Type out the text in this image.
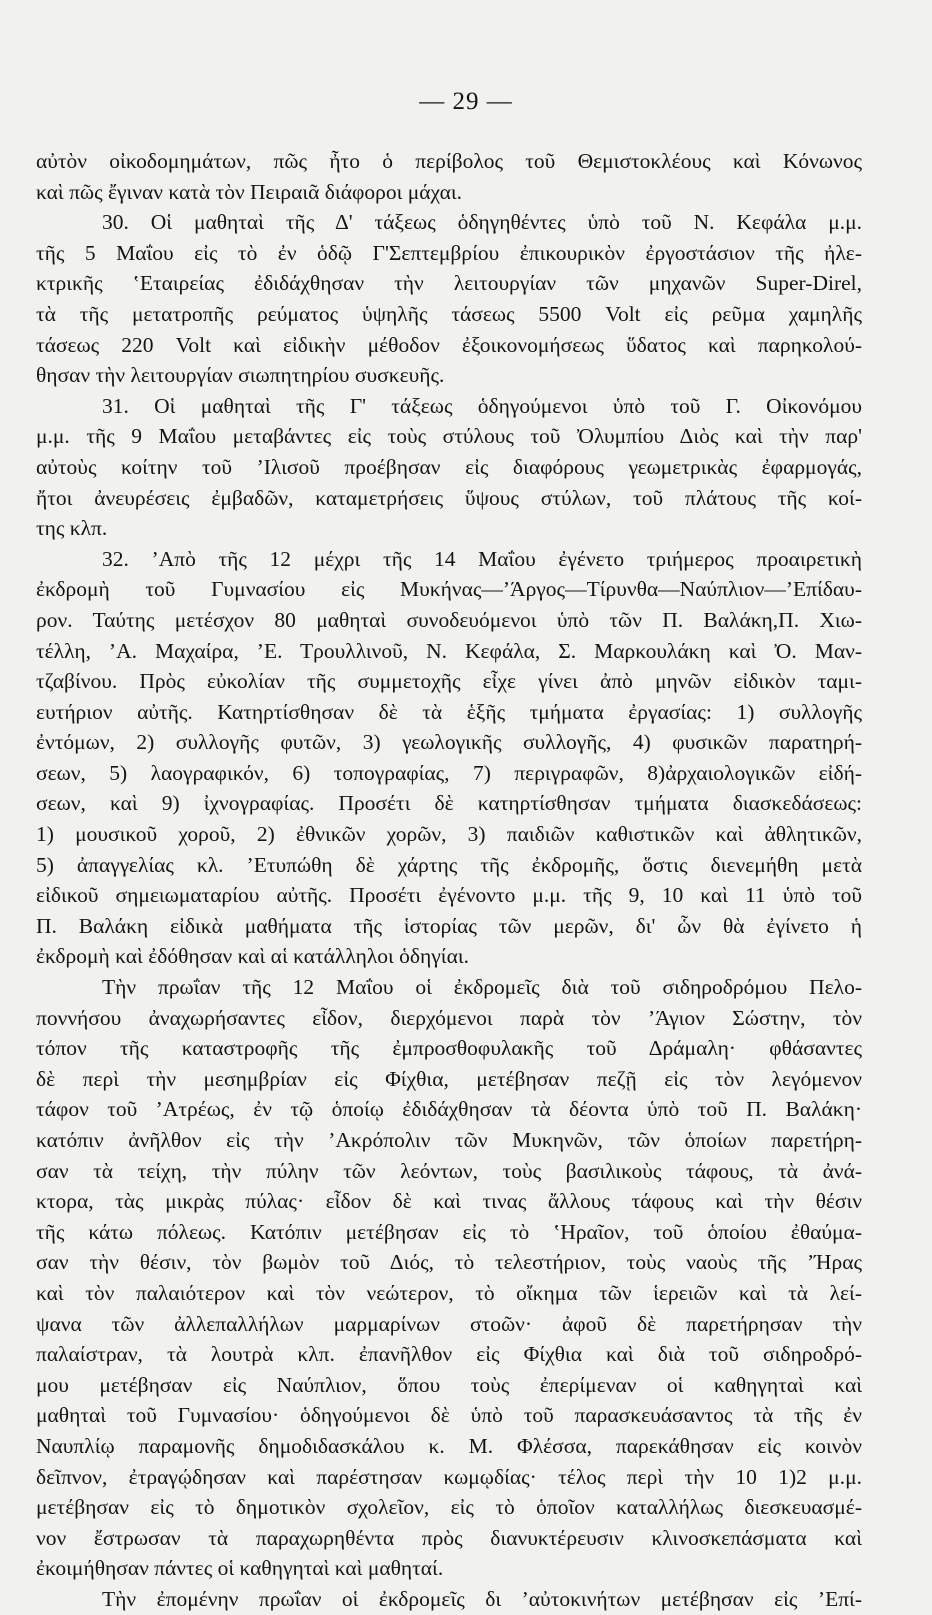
— 29 —
αὐτὸν οἰκοδομημάτων, πῶς ἦτο ὁ περίβολος τοῦ Θεμιστοκλέους καὶ Κόνωνος
καὶ πῶς ἔγιναν κατὰ τὸν Πειραιᾶ διάφοροι μάχαι.
30. Οἱ μαθηταὶ τῆς Δ' τάξεως ὁδηγηθέντες ὑπὸ τοῦ Ν. Κεφάλα μ.μ.
τῆς 5 Μαΐου εἰς τὸ ἐν ὁδῷ Γ'Σεπτεμβρίου ἐπικουρικὸν ἐργοστάσιον τῆς ἠλε-
κτρικῆς ʽΕταιρείας ἐδιδάχθησαν τὴν λειτουργίαν τῶν μηχανῶν Super-Direl,
τὰ τῆς μετατροπῆς ρεύματος ὑψηλῆς τάσεως 5500 Volt εἰς ρεῦμα χαμηλῆς
τάσεως 220 Volt καὶ εἰδικὴν μέθοδον ἐξοικονομήσεως ὕδατος καὶ παρηκολού-
θησαν τὴν λειτουργίαν σιωπητηρίου συσκευῆς.
31. Οἱ μαθηταὶ τῆς Γ' τάξεως ὁδηγούμενοι ὑπὸ τοῦ Γ. Οἰκονόμου
μ.μ. τῆς 9 Μαΐου μεταβάντες εἰς τοὺς στύλους τοῦ Ὀλυμπίου Διὸς καὶ τὴν παρ'
αὐτοὺς κοίτην τοῦ ʼΙλισοῦ προέβησαν εἰς διαφόρους γεωμετρικὰς ἐφαρμογάς,
ἤτοι ἀνευρέσεις ἐμβαδῶν, καταμετρήσεις ὕψους στύλων, τοῦ πλάτους τῆς κοί-
της κλπ.
32. ʼΑπὸ τῆς 12 μέχρι τῆς 14 Μαΐου ἐγένετο τριήμερος προαιρετικὴ
ἐκδρομὴ τοῦ Γυμνασίου εἰς Μυκήνας—ʼΆργος—Τίρυνθα—Ναύπλιον—ʼΕπίδαυ-
ρον. Ταύτης μετέσχον 80 μαθηταὶ συνοδευόμενοι ὑπὸ τῶν Π. Βαλάκη,Π. Χιω-
τέλλη, ʼΑ. Μαχαίρα, ʼΕ. Τρουλλινοῦ, Ν. Κεφάλα, Σ. Μαρκουλάκη καὶ Ὀ. Μαν-
τζαβίνου. Πρὸς εὐκολίαν τῆς συμμετοχῆς εἶχε γίνει ἀπὸ μηνῶν εἰδικὸν ταμι-
ευτήριον αὐτῆς. Κατηρτίσθησαν δὲ τὰ ἑξῆς τμήματα ἐργασίας: 1) συλλογῆς
ἐντόμων, 2) συλλογῆς φυτῶν, 3) γεωλογικῆς συλλογῆς, 4) φυσικῶν παρατηρή-
σεων, 5) λαογραφικόν, 6) τοπογραφίας, 7) περιγραφῶν, 8)ἀρχαιολογικῶν εἰδή-
σεων, καὶ 9) ἰχνογραφίας. Προσέτι δὲ κατηρτίσθησαν τμήματα διασκεδάσεως:
1) μουσικοῦ χοροῦ, 2) ἐθνικῶν χορῶν, 3) παιδιῶν καθιστικῶν καὶ ἀθλητικῶν,
5) ἀπαγγελίας κλ. ʼΕτυπώθη δὲ χάρτης τῆς ἐκδρομῆς, ὅστις διενεμήθη μετὰ
εἰδικοῦ σημειωματαρίου αὐτῆς. Προσέτι ἐγένοντο μ.μ. τῆς 9, 10 καὶ 11 ὑπὸ τοῦ
Π. Βαλάκη εἰδικὰ μαθήματα τῆς ἱστορίας τῶν μερῶν, δι' ὧν θὰ ἐγίνετο ἡ
ἐκδρομὴ καὶ ἐδόθησαν καὶ αἱ κατάλληλοι ὁδηγίαι.
Τὴν πρωΐαν τῆς 12 Μαΐου οἱ ἐκδρομεῖς διὰ τοῦ σιδηροδρόμου Πελο-
ποννήσου ἀναχωρήσαντες εἶδον, διερχόμενοι παρὰ τὸν ʼΆγιον Σώστην, τὸν
τόπον τῆς καταστροφῆς τῆς ἐμπροσθοφυλακῆς τοῦ Δράμαλη· φθάσαντες
δὲ περὶ τὴν μεσημβρίαν εἰς Φίχθια, μετέβησαν πεζῇ εἰς τὸν λεγόμενον
τάφον τοῦ ʼΑτρέως, ἐν τῷ ὁποίῳ ἐδιδάχθησαν τὰ δέοντα ὑπὸ τοῦ Π. Βαλάκη·
κατόπιν ἀνῆλθον εἰς τὴν ʼΑκρόπολιν τῶν Μυκηνῶν, τῶν ὁποίων παρετήρη-
σαν τὰ τείχη, τὴν πύλην τῶν λεόντων, τοὺς βασιλικοὺς τάφους, τὰ ἀνά-
κτορα, τὰς μικρὰς πύλας· εἶδον δὲ καὶ τινας ἄλλους τάφους καὶ τὴν θέσιν
τῆς κάτω πόλεως. Κατόπιν μετέβησαν εἰς τὸ ʽΗραῖον, τοῦ ὁποίου ἐθαύμα-
σαν τὴν θέσιν, τὸν βωμὸν τοῦ Διός, τὸ τελεστήριον, τοὺς ναοὺς τῆς ʼΉρας
καὶ τὸν παλαιότερον καὶ τὸν νεώτερον, τὸ οἴκημα τῶν ἱερειῶν καὶ τὰ λεί-
ψανα τῶν ἀλλεπαλλήλων μαρμαρίνων στοῶν· ἀφοῦ δὲ παρετήρησαν τὴν
παλαίστραν, τὰ λουτρὰ κλπ. ἐπανῆλθον εἰς Φίχθια καὶ διὰ τοῦ σιδηροδρό-
μου μετέβησαν εἰς Ναύπλιον, ὅπου τοὺς ἐπερίμεναν οἱ καθηγηταὶ καὶ
μαθηταὶ τοῦ Γυμνασίου· ὁδηγούμενοι δὲ ὑπὸ τοῦ παρασκευάσαντος τὰ τῆς ἐν
Ναυπλίῳ παραμονῆς δημοδιδασκάλου κ. Μ. Φλέσσα, παρεκάθησαν εἰς κοινὸν
δεῖπνον, ἐτραγῴδησαν καὶ παρέστησαν κωμῳδίας· τέλος περὶ τὴν 10 1)2 μ.μ.
μετέβησαν εἰς τὸ δημοτικὸν σχολεῖον, εἰς τὸ ὁποῖον καταλλήλως διεσκευασμέ-
νον ἔστρωσαν τὰ παραχωρηθέντα πρὸς διανυκτέρευσιν κλινοσκεπάσματα καὶ
ἐκοιμήθησαν πάντες οἱ καθηγηταὶ καὶ μαθηταί.
Τὴν ἐπομένην πρωΐαν οἱ ἐκδρομεῖς δι ʼαὐτοκινήτων μετέβησαν εἰς ʼΕπί-
